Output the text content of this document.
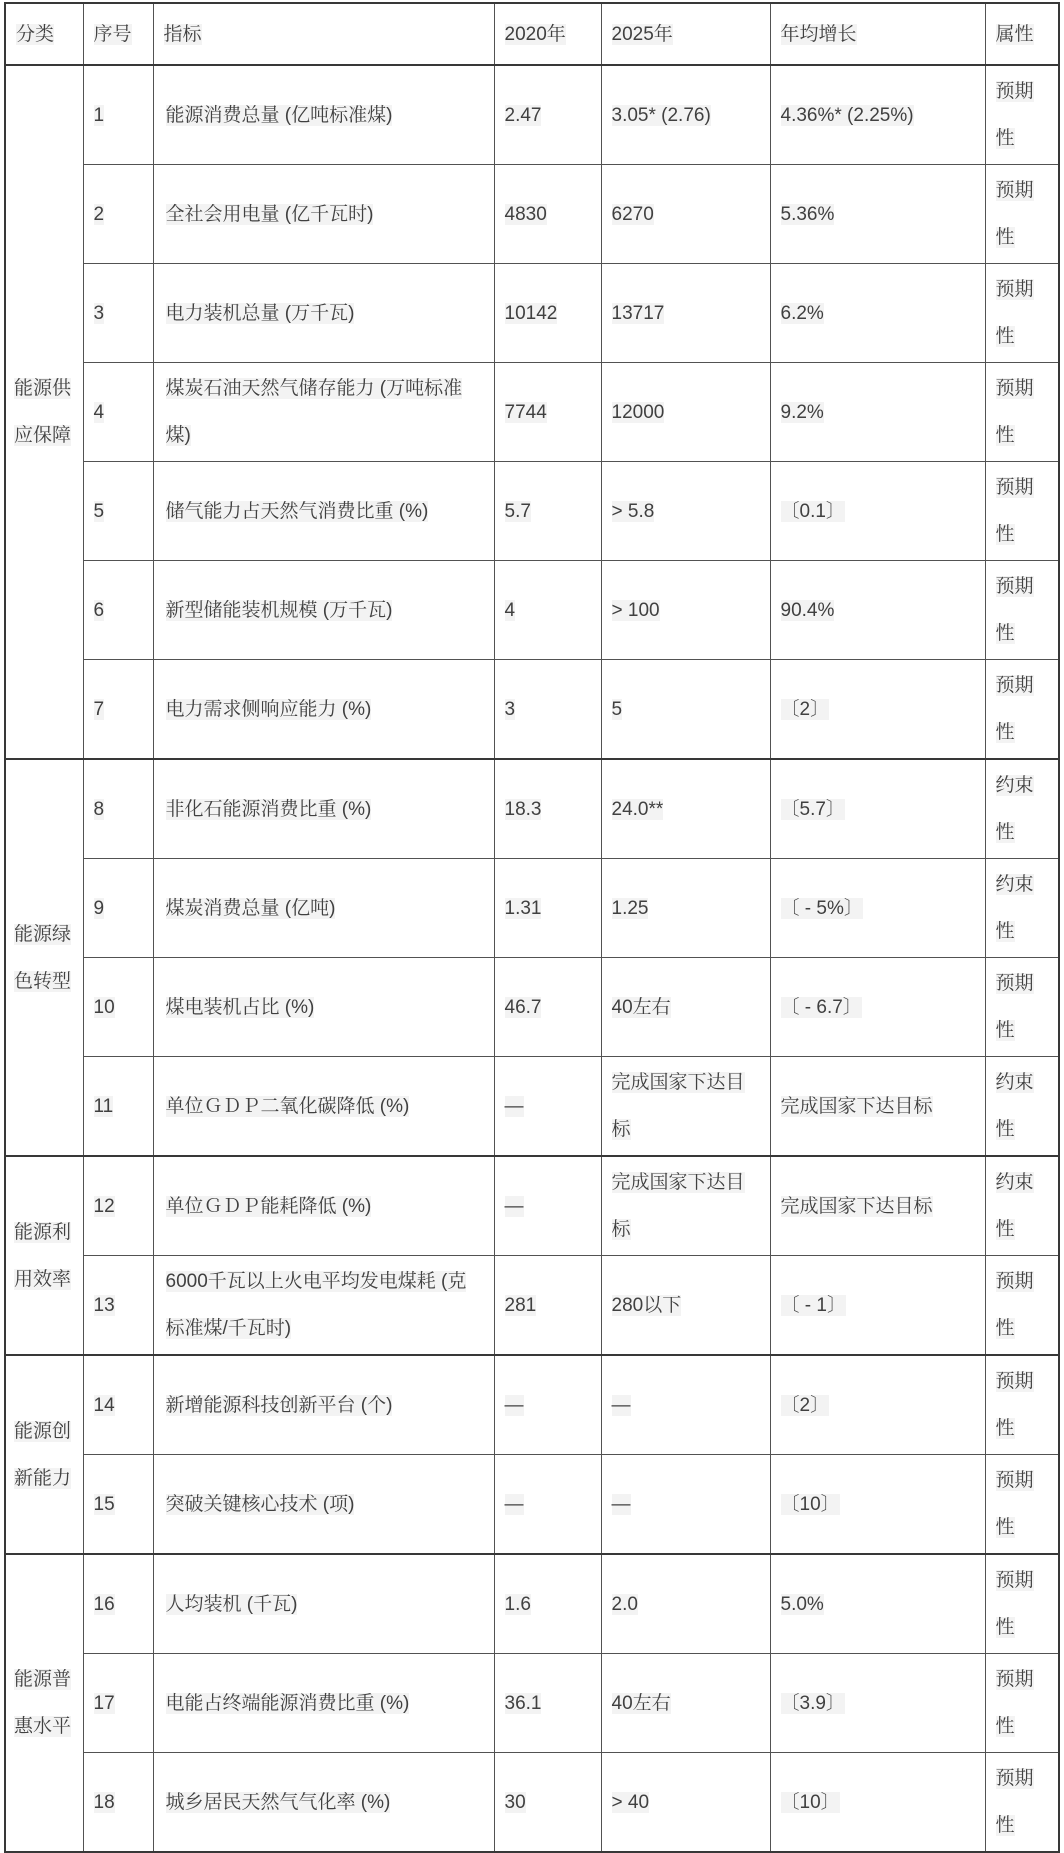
分类	序号	指标	2020年	2025年	年均增长	属性
能源供应保障	1	能源消费总量 (亿吨标准煤)	2.47	3.05* (2.76)	4.36%* (2.25%)	预期性
	2	全社会用电量 (亿千瓦时)	4830	6270	5.36%	预期性
	3	电力装机总量 (万千瓦)	10142	13717	6.2%	预期性
	4	煤炭石油天然气储存能力 (万吨标准煤)	7744	12000	9.2%	预期性
	5	储气能力占天然气消费比重 (%)	5.7	> 5.8	〔0.1〕	预期性
	6	新型储能装机规模 (万千瓦)	4	> 100	90.4%	预期性
	7	电力需求侧响应能力 (%)	3	5	〔2〕	预期性
能源绿色转型	8	非化石能源消费比重 (%)	18.3	24.0**	〔5.7〕	约束性
	9	煤炭消费总量 (亿吨)	1.31	1.25	〔 - 5%〕	约束性
	10	煤电装机占比 (%)	46.7	40左右	〔 - 6.7〕	预期性
	11	单位ＧＤＰ二氧化碳降低 (%)	—	完成国家下达目标	完成国家下达目标	约束性
能源利用效率	12	单位ＧＤＰ能耗降低 (%)	—	完成国家下达目标	完成国家下达目标	约束性
	13	6000千瓦以上火电平均发电煤耗 (克标准煤/千瓦时)	281	280以下	〔 - 1〕	预期性
能源创新能力	14	新增能源科技创新平台 (个)	—	—	〔2〕	预期性
	15	突破关键核心技术 (项)	—	—	〔10〕	预期性
能源普惠水平	16	人均装机 (千瓦)	1.6	2.0	5.0%	预期性
	17	电能占终端能源消费比重 (%)	36.1	40左右	〔3.9〕	预期性
	18	城乡居民天然气气化率 (%)	30	> 40	〔10〕	预期性
